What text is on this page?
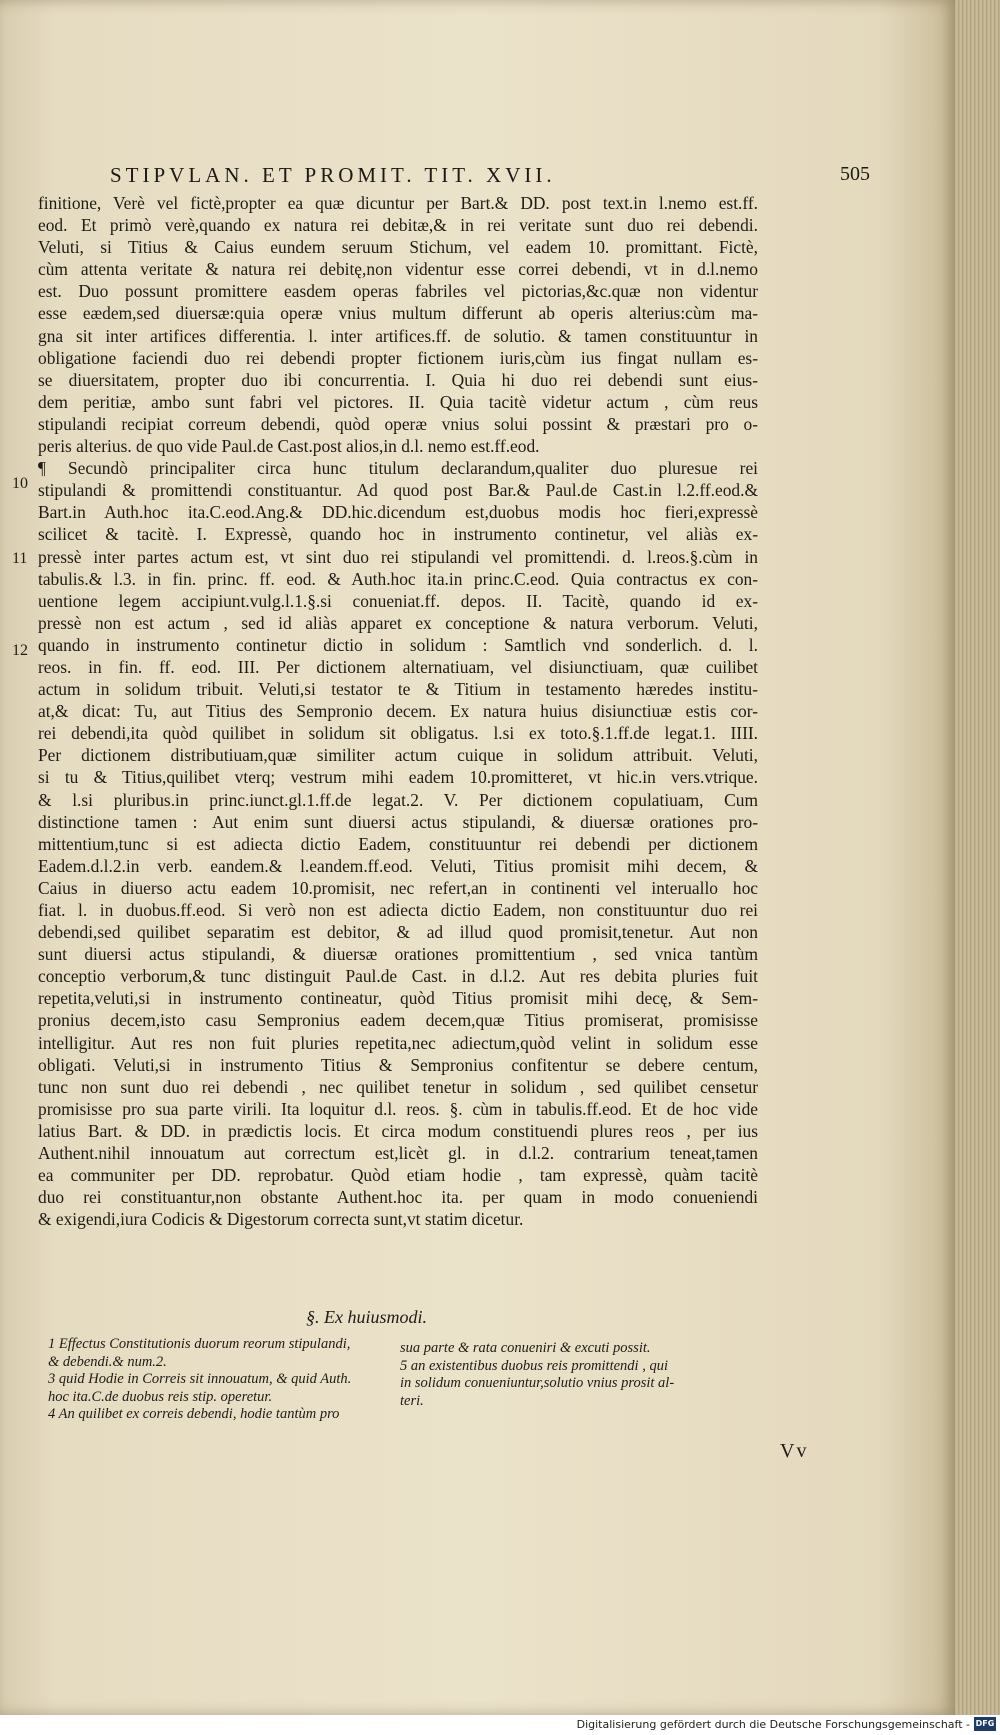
STIPVLAN. ET PROMIT. TIT. XVII.	505
10
11
12
finitione, Verè vel fictè,propter ea quæ dicuntur per Bart.& DD. post text.in l.nemo est.ff.
eod. Et primò verè,quando ex natura rei debitæ,& in rei veritate sunt duo rei debendi.
Veluti, si Titius & Caius eundem seruum Stichum, vel eadem 10. promittant. Fictè,
cùm attenta veritate & natura rei debitę,non videntur esse correi debendi, vt in d.l.nemo
est. Duo possunt promittere easdem operas fabriles vel pictorias,&c.quæ non videntur
esse eædem,sed diuersæ:quia operæ vnius multum differunt ab operis alterius:cùm ma-
gna sit inter artifices differentia. l. inter artifices.ff. de solutio. & tamen constituuntur in
obligatione faciendi duo rei debendi propter fictionem iuris,cùm ius fingat nullam es-
se diuersitatem, propter duo ibi concurrentia. I. Quia hi duo rei debendi sunt eius-
dem peritiæ, ambo sunt fabri vel pictores. II. Quia tacitè videtur actum , cùm reus
stipulandi recipiat correum debendi, quòd operæ vnius solui possint & præstari pro o-
peris alterius. de quo vide Paul.de Cast.post alios,in d.l. nemo est.ff.eod.
¶ Secundò principaliter circa hunc titulum declarandum,qualiter duo pluresue rei
stipulandi & promittendi constituantur. Ad quod post Bar.& Paul.de Cast.in l.2.ff.eod.&
Bart.in Auth.hoc ita.C.eod.Ang.& DD.hic.dicendum est,duobus modis hoc fieri,expressè
scilicet & tacitè. I. Expressè, quando hoc in instrumento continetur, vel aliàs ex-
pressè inter partes actum est, vt sint duo rei stipulandi vel promittendi. d. l.reos.§.cùm in
tabulis.& l.3. in fin. princ. ff. eod. & Auth.hoc ita.in princ.C.eod. Quia contractus ex con-
uentione legem accipiunt.vulg.l.1.§.si conueniat.ff. depos. II. Tacitè, quando id ex-
pressè non est actum , sed id aliàs apparet ex conceptione & natura verborum. Veluti,
quando in instrumento continetur dictio in solidum : Samtlich vnd sonderlich. d. l.
reos. in fin. ff. eod. III. Per dictionem alternatiuam, vel disiunctiuam, quæ cuilibet
actum in solidum tribuit. Veluti,si testator te & Titium in testamento hæredes institu-
at,& dicat: Tu, aut Titius des Sempronio decem. Ex natura huius disiunctiuæ estis cor-
rei debendi,ita quòd quilibet in solidum sit obligatus. l.si ex toto.§.1.ff.de legat.1. IIII.
Per dictionem distributiuam,quæ similiter actum cuique in solidum attribuit. Veluti,
si tu & Titius,quilibet vterq; vestrum mihi eadem 10.promitteret, vt hic.in vers.vtrique.
& l.si pluribus.in princ.iunct.gl.1.ff.de legat.2. V. Per dictionem copulatiuam, Cum
distinctione tamen : Aut enim sunt diuersi actus stipulandi, & diuersæ orationes pro-
mittentium,tunc si est adiecta dictio Eadem, constituuntur rei debendi per dictionem
Eadem.d.l.2.in verb. eandem.& l.eandem.ff.eod. Veluti, Titius promisit mihi decem, &
Caius in diuerso actu eadem 10.promisit, nec refert,an in continenti vel interuallo hoc
fiat. l. in duobus.ff.eod. Si verò non est adiecta dictio Eadem, non constituuntur duo rei
debendi,sed quilibet separatim est debitor, & ad illud quod promisit,tenetur. Aut non
sunt diuersi actus stipulandi, & diuersæ orationes promittentium , sed vnica tantùm
conceptio verborum,& tunc distinguit Paul.de Cast. in d.l.2. Aut res debita pluries fuit
repetita,veluti,si in instrumento contineatur, quòd Titius promisit mihi decę, & Sem-
pronius decem,isto casu Sempronius eadem decem,quæ Titius promiserat, promisisse
intelligitur. Aut res non fuit pluries repetita,nec adiectum,quòd velint in solidum esse
obligati. Veluti,si in instrumento Titius & Sempronius confitentur se debere centum,
tunc non sunt duo rei debendi , nec quilibet tenetur in solidum , sed quilibet censetur
promisisse pro sua parte virili. Ita loquitur d.l. reos. §. cùm in tabulis.ff.eod. Et de hoc vide
latius Bart. & DD. in prædictis locis. Et circa modum constituendi plures reos , per ius
Authent.nihil innouatum aut correctum est,licèt gl. in d.l.2. contrarium teneat,tamen
ea communiter per DD. reprobatur. Quòd etiam hodie , tam expressè, quàm tacitè
duo rei constituantur,non obstante Authent.hoc ita. per quam in modo conueniendi
& exigendi,iura Codicis & Digestorum correcta sunt,vt statim dicetur.
§. Ex huiusmodi.
1 Effectus Constitutionis duorum reorum stipulandi,
& debendi.& num.2.
3 quid Hodie in Correis sit innouatum, & quid Auth.
hoc ita.C.de duobus reis stip. operetur.
4 An quilibet ex correis debendi, hodie tantùm pro
sua parte & rata conueniri & excuti possit.
5 an existentibus duobus reis promittendi , qui
in solidum conueniuntur,solutio vnius prosit al-
teri.
Vv
Digitalisierung gefördert durch die Deutsche Forschungsgemeinschaft - DFG
